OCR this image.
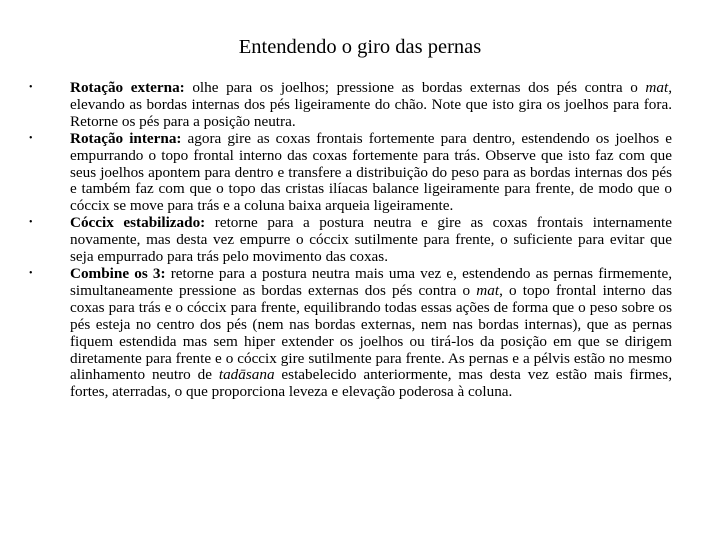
Entendendo o giro das pernas
•	Rotação externa: olhe para os joelhos; pressione as bordas externas dos pés contra o mat, elevando as bordas internas dos pés ligeiramente do chão. Note que isto gira os joelhos para fora. Retorne os pés para a posição neutra.
•	Rotação interna: agora gire as coxas frontais fortemente para dentro, estendendo os joelhos e empurrando o topo frontal interno das coxas fortemente para trás. Observe que isto faz com que seus joelhos apontem para dentro e transfere a distribuição do peso para as bordas internas dos pés e também faz com que o topo das cristas ilíacas balance ligeiramente para frente, de modo que o cóccix se move para trás e a coluna baixa arqueia ligeiramente.
•	Cóccix estabilizado: retorne para a postura neutra e gire as coxas frontais internamente novamente, mas desta vez empurre o cóccix sutilmente para frente, o suficiente para evitar que seja empurrado para trás pelo movimento das coxas.
•	Combine os 3: retorne para a postura neutra mais uma vez e, estendendo as pernas firmemente, simultaneamente pressione as bordas externas dos pés contra o mat, o topo frontal interno das coxas para trás e o cóccix para frente, equilibrando todas essas ações de forma que o peso sobre os pés esteja no centro dos pés (nem nas bordas externas, nem nas bordas internas), que as pernas fiquem estendida mas sem hiper extender os joelhos ou tirá-los da posição em que se dirigem diretamente para frente e o cóccix gire sutilmente para frente. As pernas e a pélvis estão no mesmo alinhamento neutro de tadāsana estabelecido anteriormente, mas desta vez estão mais firmes, fortes, aterradas, o que proporciona leveza e elevação poderosa à coluna.
